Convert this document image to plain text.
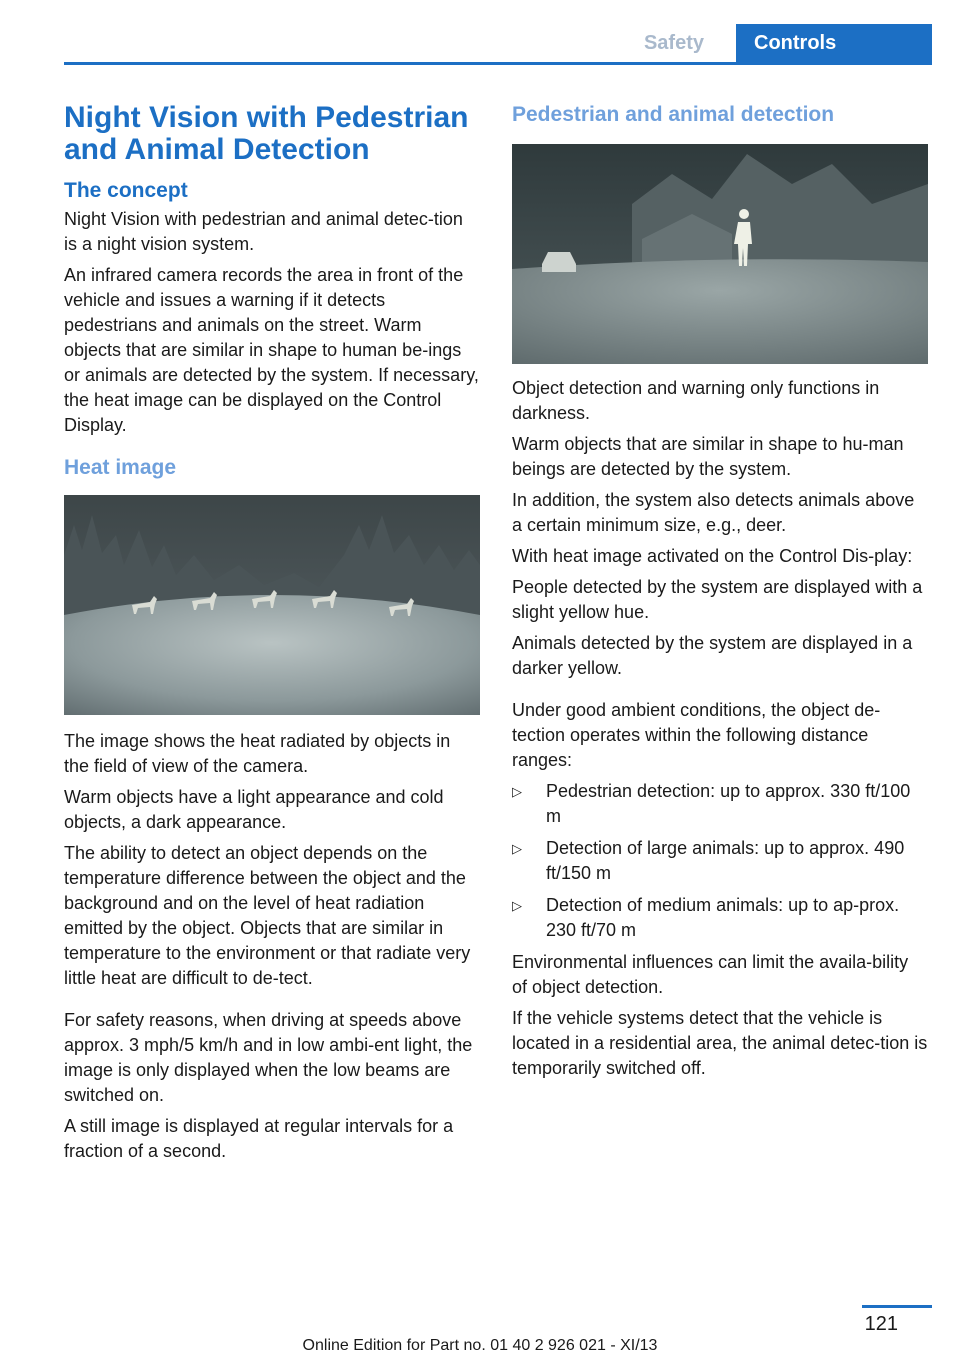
Safety	Controls
Night Vision with Pedestrian and Animal Detection
The concept

Night Vision with pedestrian and animal detec-tion is a night vision system.

An infrared camera records the area in front of the vehicle and issues a warning if it detects pedestrians and animals on the street. Warm objects that are similar in shape to human be-ings or animals are detected by the system. If necessary, the heat image can be displayed on the Control Display.

Heat image

The image shows the heat radiated by objects in the field of view of the camera.

Warm objects have a light appearance and cold objects, a dark appearance.

The ability to detect an object depends on the temperature difference between the object and the background and on the level of heat radiation emitted by the object. Objects that are similar in temperature to the environment or that radiate very little heat are difficult to de-tect.

For safety reasons, when driving at speeds above approx. 3 mph/5 km/h and in low ambi-ent light, the image is only displayed when the low beams are switched on.

A still image is displayed at regular intervals for a fraction of a second.

Pedestrian and animal detection

Object detection and warning only functions in darkness.

Warm objects that are similar in shape to hu-man beings are detected by the system.

In addition, the system also detects animals above a certain minimum size, e.g., deer.

With heat image activated on the Control Dis-play:

People detected by the system are displayed with a slight yellow hue.

Animals detected by the system are displayed in a darker yellow.

Under good ambient conditions, the object de-tection operates within the following distance ranges:

▷ Pedestrian detection: up to approx. 330 ft/100 m
▷ Detection of large animals: up to approx. 490 ft/150 m
▷ Detection of medium animals: up to ap-prox. 230 ft/70 m

Environmental influences can limit the availa-bility of object detection.

If the vehicle systems detect that the vehicle is located in a residential area, the animal detec-tion is temporarily switched off.

121
Online Edition for Part no. 01 40 2 926 021 - XI/13
